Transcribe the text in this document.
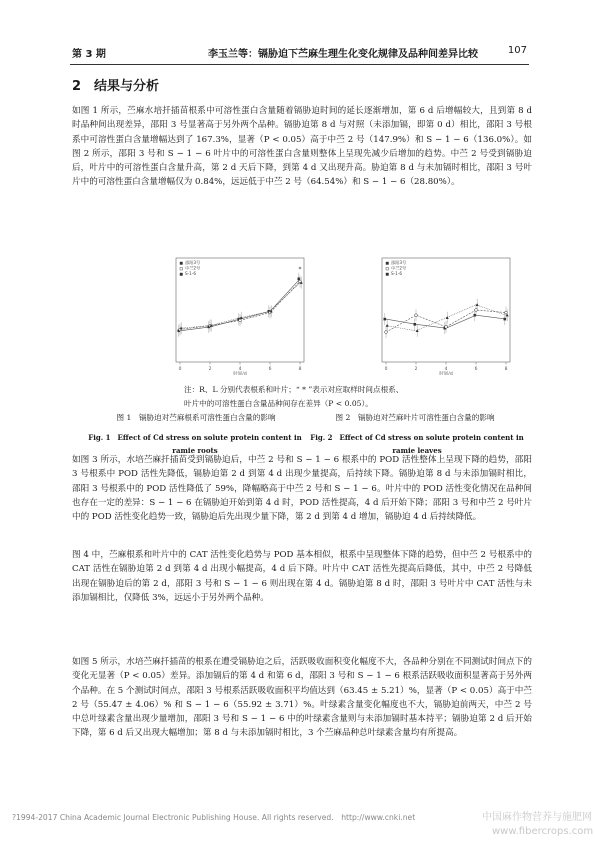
第 3 期	李玉兰等：镉胁迫下苎麻生理生化变化规律及品种间差异比较	107
2  结果与分析

如图 1 所示，苎麻水培扦插苗根系中可溶性蛋白含量随着镉胁迫时间的延长逐渐增加，第 6 d 后增幅较大，且到第 8 d 时品种间出现差异，邵阳 3 号显著高于另外两个品种。镉胁迫第 8 d 与对照（未添加镉，即第 0 d）相比，邵阳 3 号根系中可溶性蛋白含量增幅达到了 167.3%，显著（P < 0.05）高于中苎 2 号（147.9%）和 S − 1 − 6（136.0%）。如图 2 所示，邵阳 3 号和 S − 1 − 6 叶片中的可溶性蛋白含量则整体上呈现先减少后增加的趋势。中苎 2 号受到镉胁迫后，叶片中的可溶性蛋白含量升高，第 2 d 天后下降，到第 4 d 又出现升高。胁迫第 8 d 与未加镉时相比，邵阳 3 号叶片中的可溶性蛋白含量增幅仅为 0.84%，远远低于中苎 2 号（64.54%）和 S − 1 − 6（28.80%）。

0	2	4	6	8
时间/d
*
邵阳3号
中苎2号
S-1-6
0	2	4	6	8
时间/d
邵阳3号
中苎2号
S-1-6
注：R、L 分别代表根系和叶片；“ * ”表示对应取样时间点根系、
叶片中的可溶性蛋白含量品种间存在差异（P < 0.05）。
图 1　镉胁迫对苎麻根系可溶性蛋白含量的影响	图 2　镉胁迫对苎麻叶片可溶性蛋白含量的影响
Fig. 1　Effect of Cd stress on solute protein content in ramie roots
Fig. 2　Effect of Cd stress on solute protein content in ramie leaves

如图 3 所示，水培苎麻扦插苗受到镉胁迫后，中苎 2 号和 S − 1 − 6 根系中的 POD 活性整体上呈现下降的趋势，邵阳 3 号根系中 POD 活性先降低，镉胁迫第 2 d 到第 4 d 出现少量提高，后持续下降。镉胁迫第 8 d 与未添加镉时相比，邵阳 3 号根系中的 POD 活性降低了 59%，降幅略高于中苎 2 号和 S − 1 − 6。叶片中的 POD 活性变化情况在品种间也存在一定的差异：S − 1 − 6 在镉胁迫开始到第 4 d 时，POD 活性提高，4 d 后开始下降；邵阳 3 号和中苎 2 号叶片中的 POD 活性变化趋势一致，镉胁迫后先出现少量下降，第 2 d 到第 4 d 增加，镉胁迫 4 d 后持续降低。

图 4 中，苎麻根系和叶片中的 CAT 活性变化趋势与 POD 基本相似，根系中呈现整体下降的趋势，但中苎 2 号根系中的 CAT 活性在镉胁迫第 2 d 到第 4 d 出现小幅提高，4 d 后下降。叶片中 CAT 活性先提高后降低，其中，中苎 2 号降低出现在镉胁迫后的第 2 d，邵阳 3 号和 S − 1 − 6 则出现在第 4 d。镉胁迫第 8 d 时，邵阳 3 号叶片中 CAT 活性与未添加镉相比，仅降低 3%，远远小于另外两个品种。

如图 5 所示，水培苎麻扦插苗的根系在遭受镉胁迫之后，活跃吸收面积变化幅度不大，各品种分别在不同测试时间点下的变化无显著（P < 0.05）差异。添加镉后的第 4 d 和第 6 d，邵阳 3 号和 S − 1 − 6 根系活跃吸收面积显著高于另外两个品种。在 5 个测试时间点，邵阳 3 号根系活跃吸收面积平均值达到（63.45 ± 5.21）%，显著（P < 0.05）高于中苎 2 号（55.47 ± 4.06）% 和 S − 1 − 6（55.92 ± 3.71）%。叶绿素含量变化幅度也不大，镉胁迫前两天，中苎 2 号中总叶绿素含量出现少量增加，邵阳 3 号和 S − 1 − 6 中的叶绿素含量则与未添加镉时基本持平；镉胁迫第 2 d 后开始下降，第 6 d 后又出现大幅增加；第 8 d 与未添加镉时相比，3 个苎麻品种总叶绿素含量均有所提高。

?1994-2017 China Academic Journal Electronic Publishing House. All rights reserved.　http://www.cnki.net	中国麻作物营养与施肥网
www.fibercrops.com
